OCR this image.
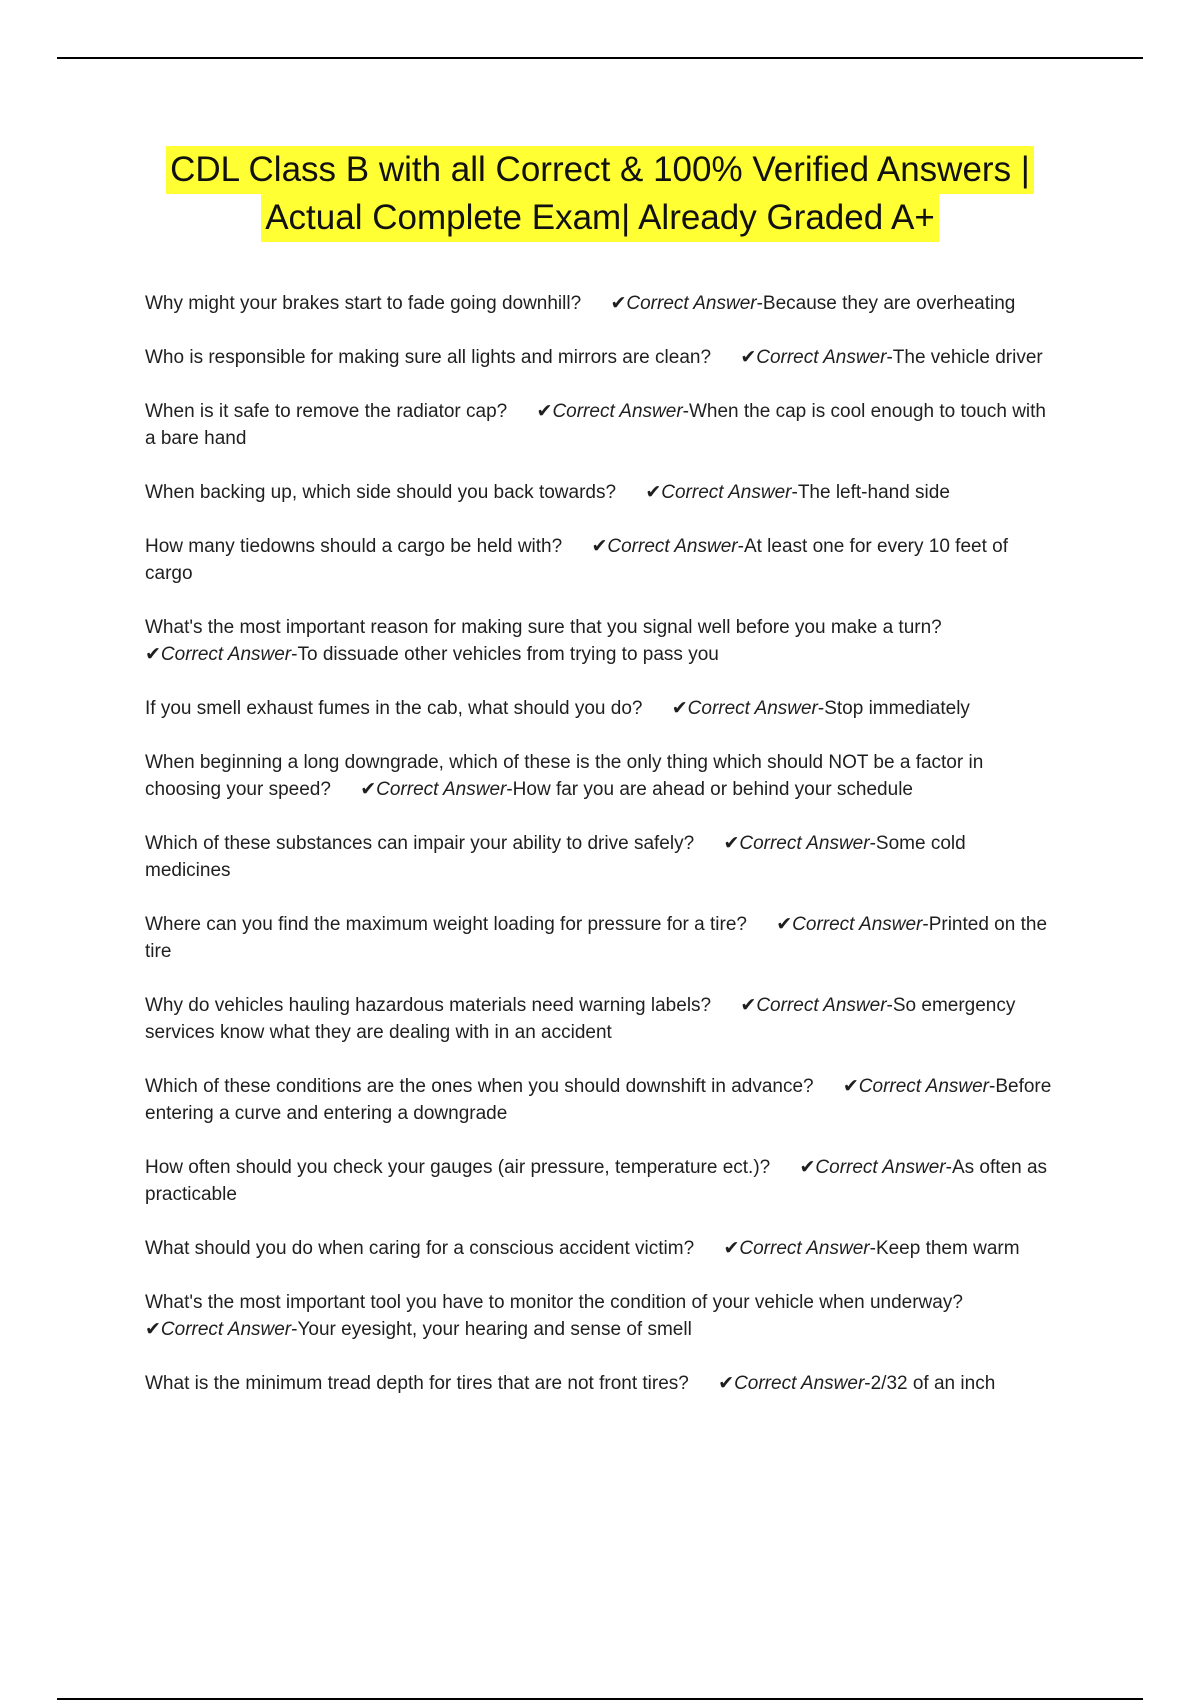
CDL Class B with all Correct & 100% Verified Answers |
Actual Complete Exam| Already Graded A+
Why might your brakes start to fade going downhill? ✔Correct Answer-Because they are overheating
Who is responsible for making sure all lights and mirrors are clean? ✔Correct Answer-The vehicle driver
When is it safe to remove the radiator cap? ✔Correct Answer-When the cap is cool enough to touch with a bare hand
When backing up, which side should you back towards? ✔Correct Answer-The left-hand side
How many tiedowns should a cargo be held with? ✔Correct Answer-At least one for every 10 feet of cargo
What's the most important reason for making sure that you signal well before you make a turn?
✔Correct Answer-To dissuade other vehicles from trying to pass you
If you smell exhaust fumes in the cab, what should you do? ✔Correct Answer-Stop immediately
When beginning a long downgrade, which of these is the only thing which should NOT be a factor in choosing your speed? ✔Correct Answer-How far you are ahead or behind your schedule
Which of these substances can impair your ability to drive safely? ✔Correct Answer-Some cold medicines
Where can you find the maximum weight loading for pressure for a tire? ✔Correct Answer-Printed on the tire
Why do vehicles hauling hazardous materials need warning labels? ✔Correct Answer-So emergency services know what they are dealing with in an accident
Which of these conditions are the ones when you should downshift in advance? ✔Correct Answer-Before entering a curve and entering a downgrade
How often should you check your gauges (air pressure, temperature ect.)? ✔Correct Answer-As often as practicable
What should you do when caring for a conscious accident victim? ✔Correct Answer-Keep them warm
What's the most important tool you have to monitor the condition of your vehicle when underway?
✔Correct Answer-Your eyesight, your hearing and sense of smell
What is the minimum tread depth for tires that are not front tires? ✔Correct Answer-2/32 of an inch
